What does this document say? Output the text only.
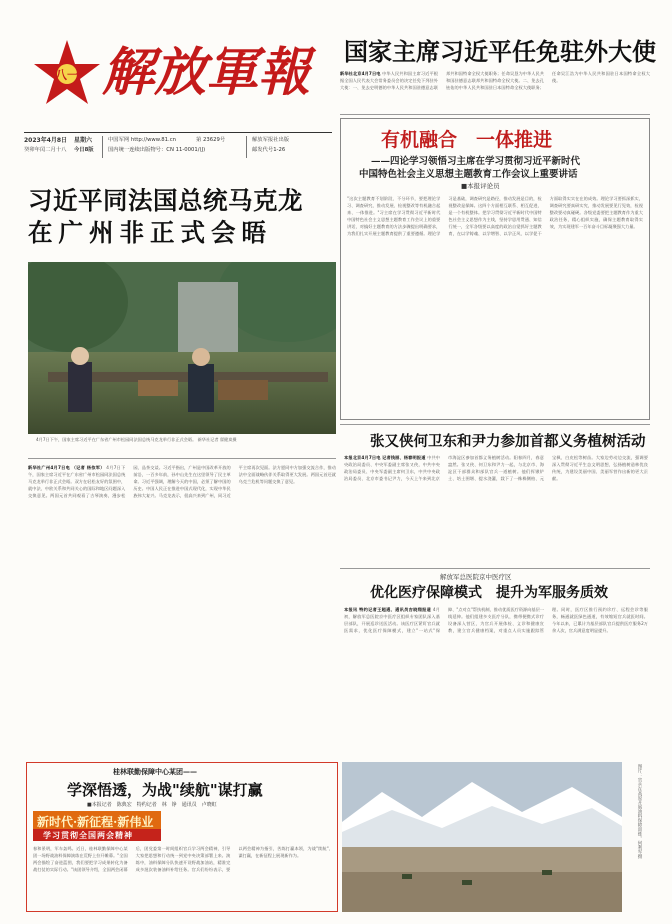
八一 解放軍報
2023年4月8日 星期六
癸卯年闰二月十八 今日8版
中国军网 http://www.81.cn	第 23629号
国内统一连续出版物号：CN 11-0001/(J)
解放军报社出版
邮发代号1-26
国家主席习近平任免驻外大使
新华社北京4月7日电 中华人民共和国主席习近平根据全国人民代表大会常务委员会的决定任免下列驻外大使：一、免去史明德的中华人民共和国驻德意志联邦共和国特命全权大使职务；任命吴恳为中华人民共和国驻德意志联邦共和国特命全权大使。二、免去孔铉佑的中华人民共和国驻日本国特命全权大使职务；任命吴江浩为中华人民共和国驻日本国特命全权大使。
有机融合　一体推进
——四论学习领悟习主席在学习贯彻习近平新时代
中国特色社会主义思想主题教育工作会议上重要讲话
■本报评论员
"这次主题教育不划阶段、不分环节，要把理论学习、调查研究、推动发展、检视整改等有机融合起来、一体推进。"习主席在学习贯彻习近平新时代中国特色社会主义思想主题教育工作会议上的重要讲话，对搞好主题教育的方法步骤提出明确要求，为我们扎实开展主题教育提供了重要遵循。理论学习是基础，调查研究是路径，推动发展是目的，检视整改是保障。这四个方面相互联系、相互促进，是一个有机整体。把学习贯彻习近平新时代中国特色社会主义思想作为主线，坚持学思用贯通、知信行统一，全军各级要以高度的政治自觉抓好主题教育，在以学铸魂、以学增智、以学正风、以学促干方面取得实实在在的成效。理论学习要抓深抓实，调查研究要真研实究，推动发展要见行见效，检视整改要动真碰硬。各级党委要把主题教育作为重大政治任务，精心组织实施，确保主题教育取得实效，为实现建军一百年奋斗目标凝聚强大力量。
习近平同法国总统马克龙
在广州非正式会晤
4月7日下午，国家主席习近平在广东省广州市松园同法国总统马克龙举行非正式会晤。 新华社记者 翟健岚摄
新华社广州4月7日电 （记者 杨依军） 4月7日下午，国家主席习近平在广东省广州市松园同法国总统马克龙举行非正式会晤。双方在轻松友好的氛围中，就中法、中欧关系和共同关心的国际和地区问题深入交换意见。两国元首共同观看了古琴演奏，漫步松园，品茶交谈。习近平指出，广州是中国改革开放的前沿，一百多年前，孙中山先生在这里领导了民主革命。习近平强调，理解今天的中国，必须了解中国的历史。中国人民正在推进中国式现代化，实现中华民族伟大复兴。马克龙表示，很高兴来到广州，同习近平主席再次见面。法方愿同中方加强交流合作，推动法中全面战略伙伴关系取得更大发展。两国元首还就乌克兰危机等问题交换了意见。
张又侠何卫东和尹力参加首都义务植树活动
本报北京4月7日电 记者钱丽、杨春明报道 中共中央政治局委员、中央军委副主席张又侠，中共中央政治局委员、中央军委副主席何卫东，中共中央政治局委员、北京市委书记尹力，今天上午来到北京市海淀区参加首都义务植树活动。阳春四月，春意盎然。张又侠、何卫东和尹力一起，与北京市、海淀区干部群众和部队官兵一道植树。他们挥锹铲土、培土围堰、提水浇灌，栽下了一株株侧柏、元宝枫、白皮松等树苗。大家边劳动边交流，强调要深入贯彻习近平生态文明思想，弘扬植树造林优良传统，为建设美丽中国、美丽军营作出新的更大贡献。
解放军总医院京中医疗区
优化医疗保障模式　提升为军服务质效
本报讯 特约记者王超通、通讯员吉晓翔报道 4月初，解放军总医院京中医疗区组织专家团队深入基层部队，开展巡诊送医活动。该医疗区紧盯官兵就医需求，优化医疗保障模式，建立"一站式"保障、"点对点"帮扶机制，推动优质医疗资源向基层一线延伸。他们组建多支医疗分队，携带便携式诊疗设备深入营区，为官兵开展体检、义诊和健康宣教，建立官兵健康档案，对重点人员实施跟踪管理。同时，医疗区推行预约诊疗、远程会诊等服务，畅通就医绿色通道，有效缩短官兵就医时间。今年以来，已累计为基层部队官兵提供医疗服务2万余人次，官兵满意度明显提升。
桂林联勤保障中心某团——
学深悟透，为战"续航"谋打赢
■本报记者　陈典宏　特约记者　林　铮　通讯员　卢晓虹
新时代·新征程·新伟业
学习贯彻全国两会精神
春和景明，军车轰鸣。近日，桂林联勤保障中心某团一场野战油料保障演练在荒野上拉开帷幕。"全国两会描绘了奋进蓝图，我们要把学习成果转化为备战打仗的实际行动。"该团领导介绍，全国两会闭幕后，团党委第一时间组织官兵学习两会精神，引导大家把思想和行动统一到党中央决策部署上来。演练中，油料保障分队快速开设野战加油站，精准完成多批次装备油料补给任务。官兵们纷纷表示，要以两会精神为指引，苦练打赢本领，为战"续航"、谋打赢，在新征程上展现新作为。	图片：官兵在高原开展油料保障训练。何利军摄
